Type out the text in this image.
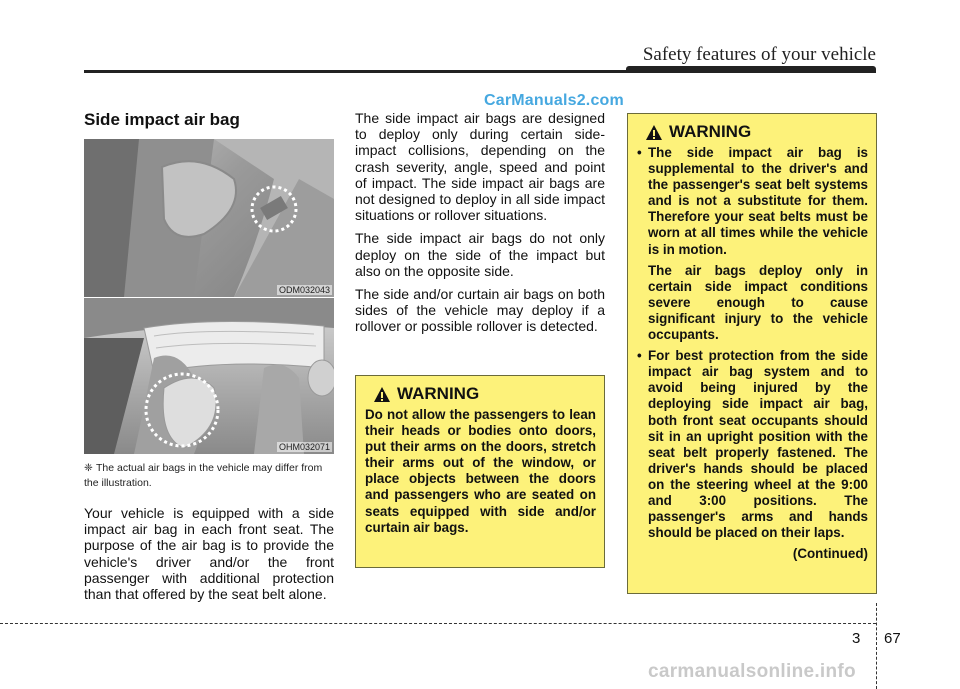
Safety features of your vehicle
CarManuals2.com
Side impact air bag
ODM032043
OHM032071
❈ The actual air bags in the vehicle may differ from the illustration.

Your vehicle is equipped with a side impact air bag in each front seat. The purpose of the air bag is to provide the vehicle's driver and/or the front passenger with additional protection than that offered by the seat belt alone.

The side impact air bags are designed to deploy only during certain side-impact collisions, depending on the crash severity, angle, speed and point of impact. The side impact air bags are not designed to deploy in all side impact situations or rollover situations.

The side impact air bags do not only deploy on the side of the impact but also on the opposite side.

The side and/or curtain air bags on both sides of the vehicle may deploy if a rollover or possible rollover is detected.

WARNING

Do not allow the passengers to lean their heads or bodies onto doors, put their arms on the doors, stretch their arms out of the window, or place objects between the doors and passengers who are seated on seats equipped with side and/or curtain air bags.

WARNING
• The side impact air bag is supplemental to the driver's and the passenger's seat belt systems and is not a substitute for them. Therefore your seat belts must be worn at all times while the vehicle is in motion.

The air bags deploy only in certain side impact conditions severe enough to cause significant injury to the vehicle occupants.

• For best protection from the side impact air bag system and to avoid being injured by the deploying side impact air bag, both front seat occupants should sit in an upright position with the seat belt properly fastened. The driver's hands should be placed on the steering wheel at the 9:00 and 3:00 positions. The passenger's arms and hands should be placed on their laps.

(Continued)

3 67
carmanualsonline.info
